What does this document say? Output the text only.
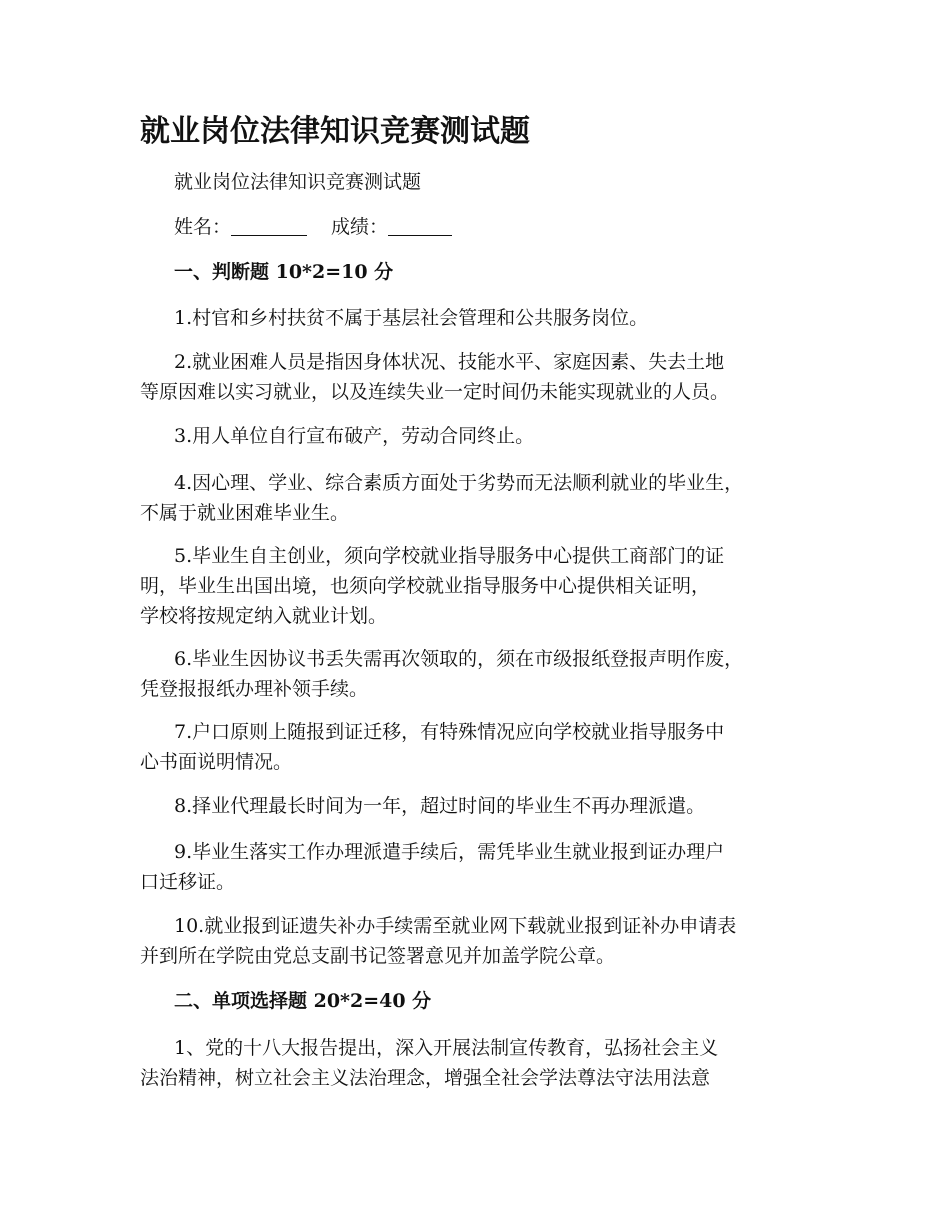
就业岗位法律知识竞赛测试题
就业岗位法律知识竞赛测试题
姓名：	成绩：
一、判断题 10*2=10 分
1.村官和乡村扶贫不属于基层社会管理和公共服务岗位。
2.就业困难人员是指因身体状况、技能水平、家庭因素、失去土地
等原因难以实习就业，以及连续失业一定时间仍未能实现就业的人员。
3.用人单位自行宣布破产，劳动合同终止。
4.因心理、学业、综合素质方面处于劣势而无法顺利就业的毕业生，
不属于就业困难毕业生。
5.毕业生自主创业，须向学校就业指导服务中心提供工商部门的证
明，毕业生出国出境，也须向学校就业指导服务中心提供相关证明，
学校将按规定纳入就业计划。
6.毕业生因协议书丢失需再次领取的，须在市级报纸登报声明作废，
凭登报报纸办理补领手续。
7.户口原则上随报到证迁移，有特殊情况应向学校就业指导服务中
心书面说明情况。
8.择业代理最长时间为一年，超过时间的毕业生不再办理派遣。
9.毕业生落实工作办理派遣手续后，需凭毕业生就业报到证办理户
口迁移证。
10.就业报到证遗失补办手续需至就业网下载就业报到证补办申请表
并到所在学院由党总支副书记签署意见并加盖学院公章。
二、单项选择题 20*2=40 分
1、党的十八大报告提出，深入开展法制宣传教育，弘扬社会主义
法治精神，树立社会主义法治理念，增强全社会学法尊法守法用法意
